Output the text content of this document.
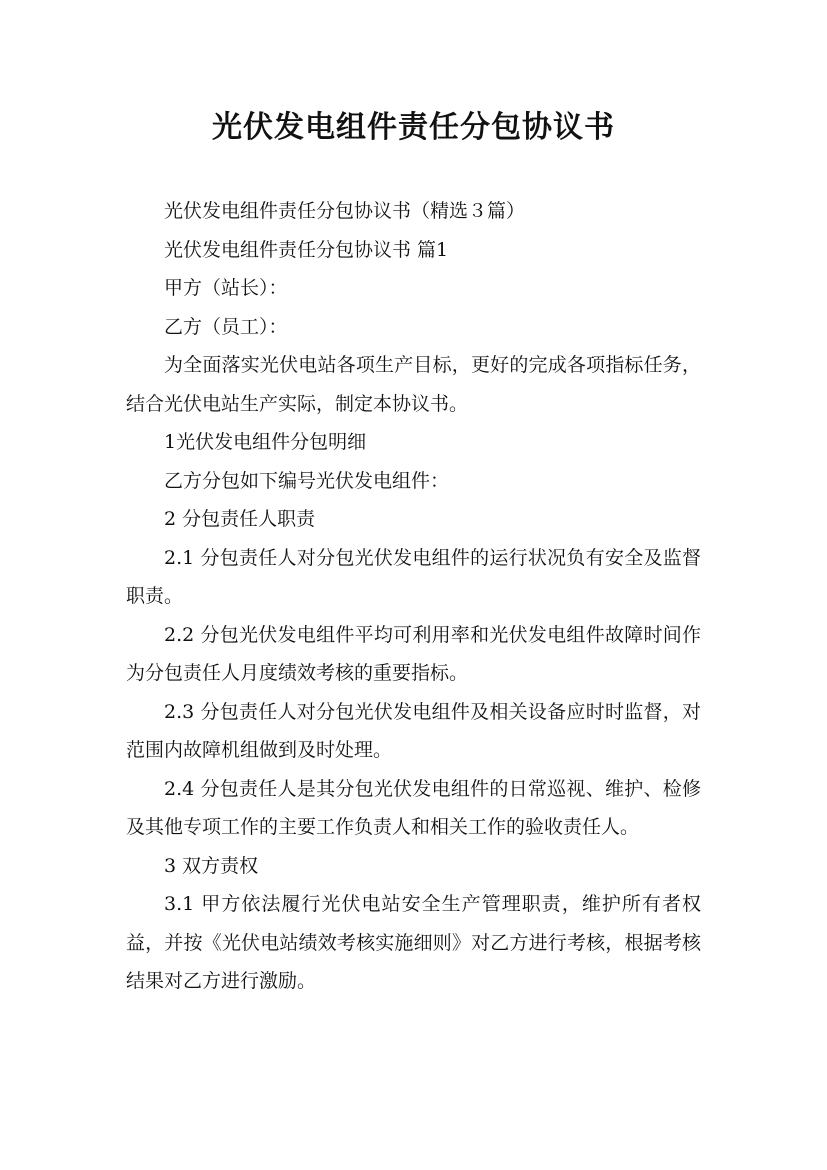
光伏发电组件责任分包协议书

光伏发电组件责任分包协议书（精选３篇）

光伏发电组件责任分包协议书 篇1

甲方（站长）：

乙方（员工）：

为全面落实光伏电站各项生产目标，更好的完成各项指标任务，结合光伏电站生产实际，制定本协议书。

1光伏发电组件分包明细

乙方分包如下编号光伏发电组件：

2 分包责任人职责

2.1 分包责任人对分包光伏发电组件的运行状况负有安全及监督职责。

2.2 分包光伏发电组件平均可利用率和光伏发电组件故障时间作为分包责任人月度绩效考核的重要指标。

2.3 分包责任人对分包光伏发电组件及相关设备应时时监督，对范围内故障机组做到及时处理。

2.4 分包责任人是其分包光伏发电组件的日常巡视、维护、检修及其他专项工作的主要工作负责人和相关工作的验收责任人。

3 双方责权

3.1 甲方依法履行光伏电站安全生产管理职责，维护所有者权益，并按《光伏电站绩效考核实施细则》对乙方进行考核，根据考核结果对乙方进行激励。
